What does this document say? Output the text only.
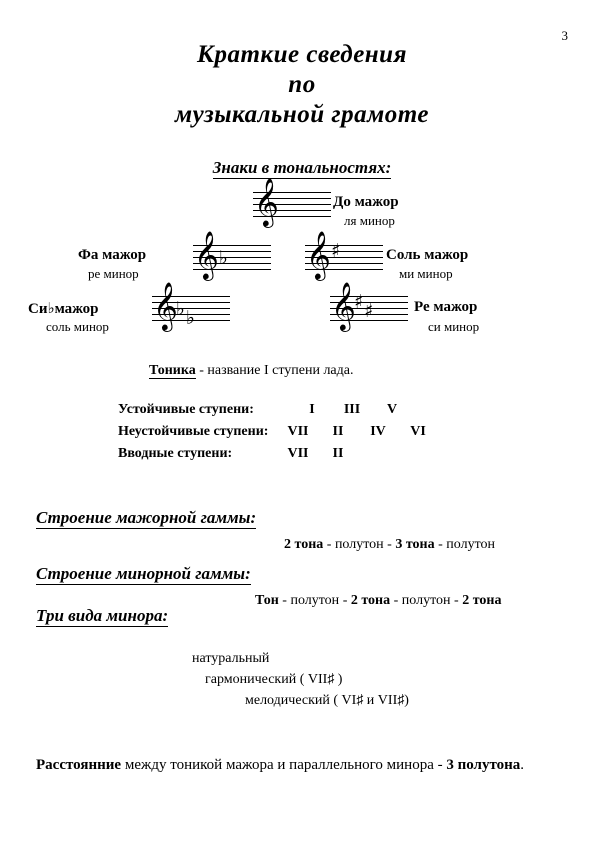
3
Краткие сведения
по
музыкальной грамоте
Знаки в тональностях:
𝄞	До мажор
ля минор
𝄞 ♭
Фа мажор
ре минор	𝄞 ♯	Соль мажор
ми минор
𝄞
♭ ♭
Си♭мажор
соль минор	𝄞
♯ ♯	Ре мажор
си минор
Тоника - название I ступени лада.
Устойчивые ступени:	I III V
Неустойчивые ступени: VII II IV VI
Вводные ступени:	VII II
Строение мажорной гаммы:
2 тона - полутон - 3 тона - полутон
Строение минорной гаммы:
Тон - полутон - 2 тона - полутон - 2 тона
Три вида минора:
натуральный
гармонический ( VII♯ )
мелодический ( VI♯ и VII♯)
Расстоянние между тоникой мажора и параллельного минора - 3 полутона.
